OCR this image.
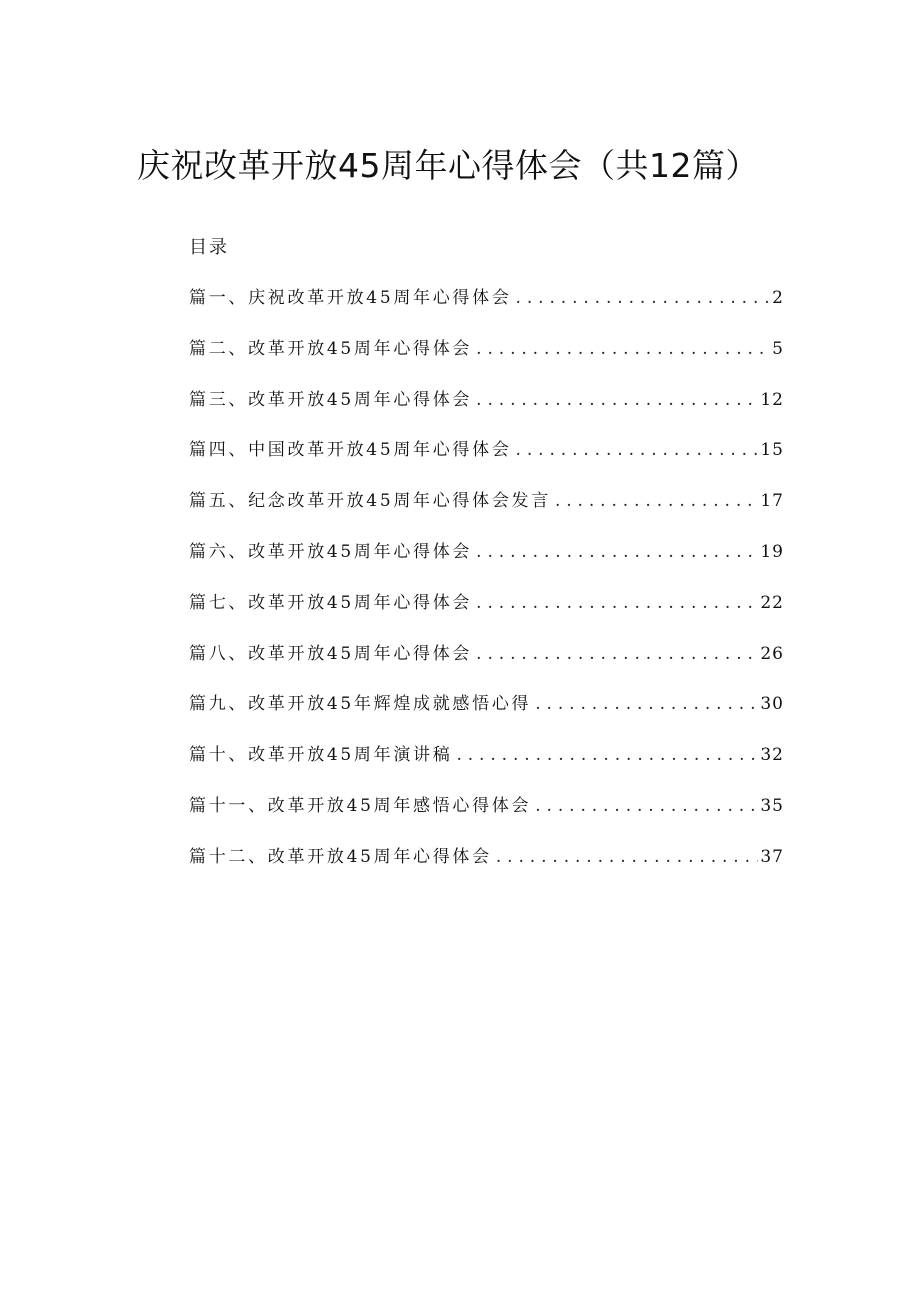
庆祝改革开放45周年心得体会（共12篇）
目录
篇一、庆祝改革开放45周年心得体会 . . .	2
篇二、改革开放45周年心得体会 . . .	5
篇三、改革开放45周年心得体会 . . .	12
篇四、中国改革开放45周年心得体会 . . .	15
篇五、纪念改革开放45周年心得体会发言 . . .	17
篇六、改革开放45周年心得体会 . . .	19
篇七、改革开放45周年心得体会 . . .	22
篇八、改革开放45周年心得体会 . . .	26
篇九、改革开放45年辉煌成就感悟心得 . . .	30
篇十、改革开放45周年演讲稿 . . .	32
篇十一、改革开放45周年感悟心得体会 . . .	35
篇十二、改革开放45周年心得体会 . . .	37
